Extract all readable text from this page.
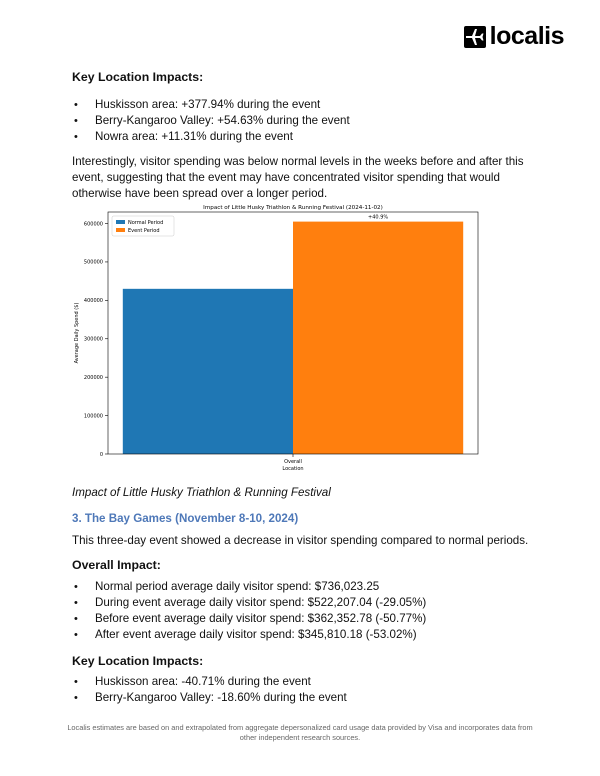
localis
Key Location Impacts:
• Huskisson area: +377.94% during the event
• Berry-Kangaroo Valley: +54.63% during the event
• Nowra area: +11.31% during the event

Interestingly, visitor spending was below normal levels in the weeks before and after this event, suggesting that the event may have concentrated visitor spending that would otherwise have been spread over a longer period.

Impact of Little Husky Triathlon & Running Festival (2024-11-02)
+40.9%
0
100000
200000
300000
400000
500000
600000
Overall
Location
Average Daily Spend ($)
Normal Period
Event Period
Impact of Little Husky Triathlon & Running Festival
3. The Bay Games (November 8-10, 2024)
This three-day event showed a decrease in visitor spending compared to normal periods.
Overall Impact:
• Normal period average daily visitor spend: $736,023.25
• During event average daily visitor spend: $522,207.04 (-29.05%)
• Before event average daily visitor spend: $362,352.78 (-50.77%)
• After event average daily visitor spend: $345,810.18 (-53.02%)
Key Location Impacts:
• Huskisson area: -40.71% during the event
• Berry-Kangaroo Valley: -18.60% during the event
Localis estimates are based on and extrapolated from aggregate depersonalized card usage data provided by Visa and incorporates data from other independent research sources.
